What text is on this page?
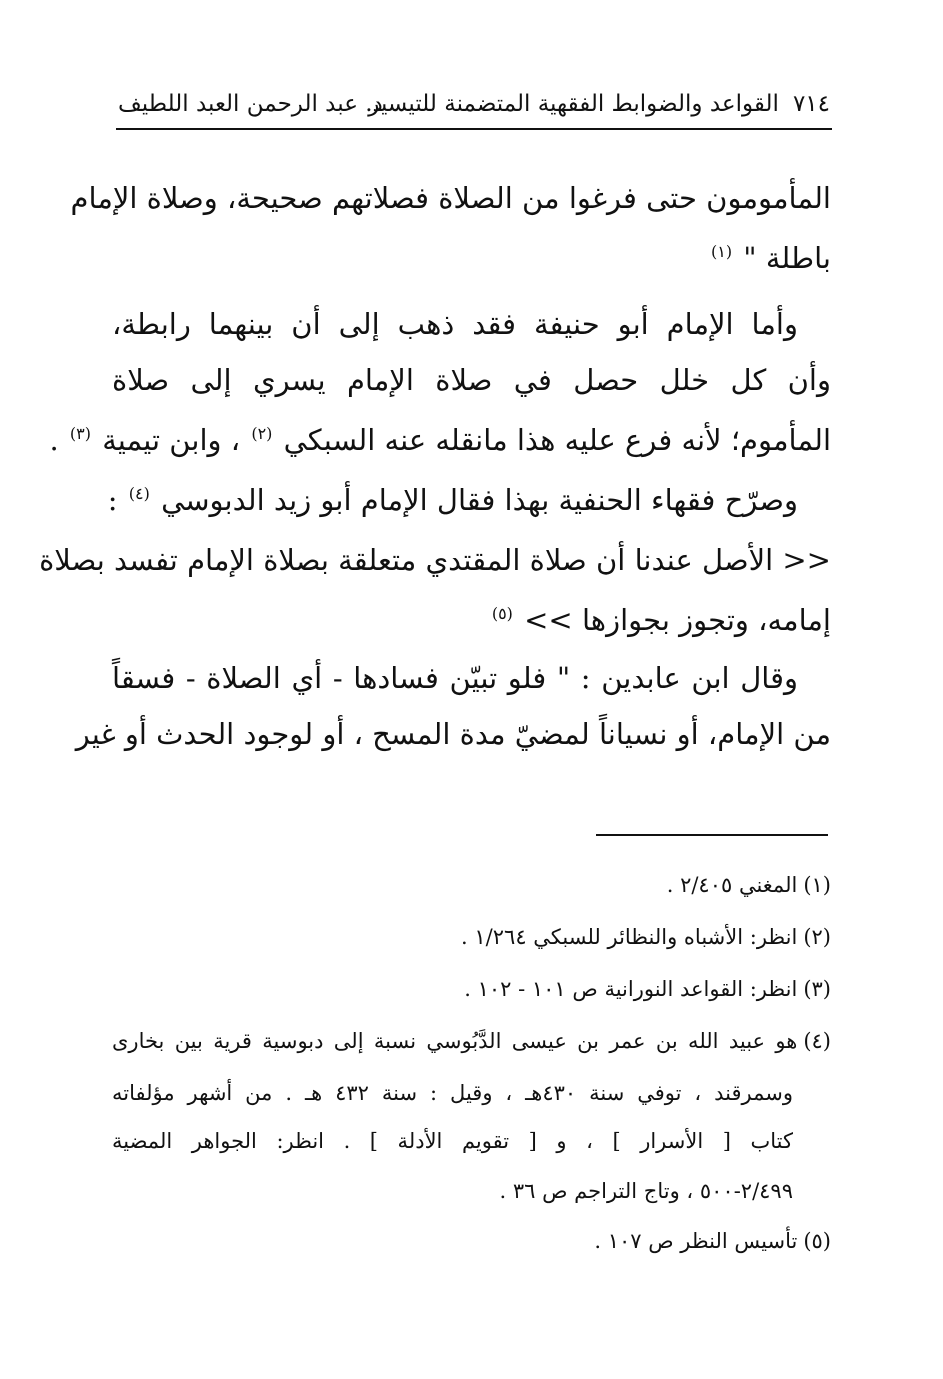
٧١٤القواعد والضوابط الفقهية المتضمنة للتيسير
د. عبد الرحمن العبد اللطيف
المأمومون حتى فرغوا من الصلاة فصلاتهم صحيحة، وصلاة الإمام
باطلة " $^{(١)}$
وأما الإمام أبو حنيفة فقد ذهب إلى أن بينهما رابطة،
وأن كل خلل حصل في صلاة الإمام يسري إلى صلاة
المأموم؛ لأنه فرع عليه هذا مانقله عنه السبكي $^{(٢)}$ ، وابن تيمية $^{(٣)}$ .
وصرّح فقهاء الحنفية بهذا فقال الإمام أبو زيد الدبوسي $^{(٤)}$ :
<< الأصل عندنا أن صلاة المقتدي متعلقة بصلاة الإمام تفسد بصلاة
إمامه، وتجوز بجوازها >> $^{(٥)}$
وقال ابن عابدين : " فلو تبيّن فسادها - أي الصلاة - فسقاً
من الإمام، أو نسياناً لمضيّ مدة المسح ، أو لوجود الحدث أو غير
(١)المغني ٢/٤٠٥ .
(٢)انظر: الأشباه والنظائر للسبكي ١/٢٦٤ .
(٣)انظر: القواعد النورانية ص ١٠١ - ١٠٢ .
(٤)هو عبيد الله بن عمر بن عيسى الدَّبُوسي نسبة إلى دبوسية قرية بين بخارى
وسمرقند ، توفي سنة ٤٣٠هـ ، وقيل : سنة ٤٣٢ هـ . من أشهر مؤلفاته
كتاب [ الأسرار ] ، و [ تقويم الأدلة ] . انظر: الجواهر المضية
٢/٤٩٩-٥٠٠ ، وتاج التراجم ص ٣٦ .
(٥)تأسيس النظر ص ١٠٧ .
